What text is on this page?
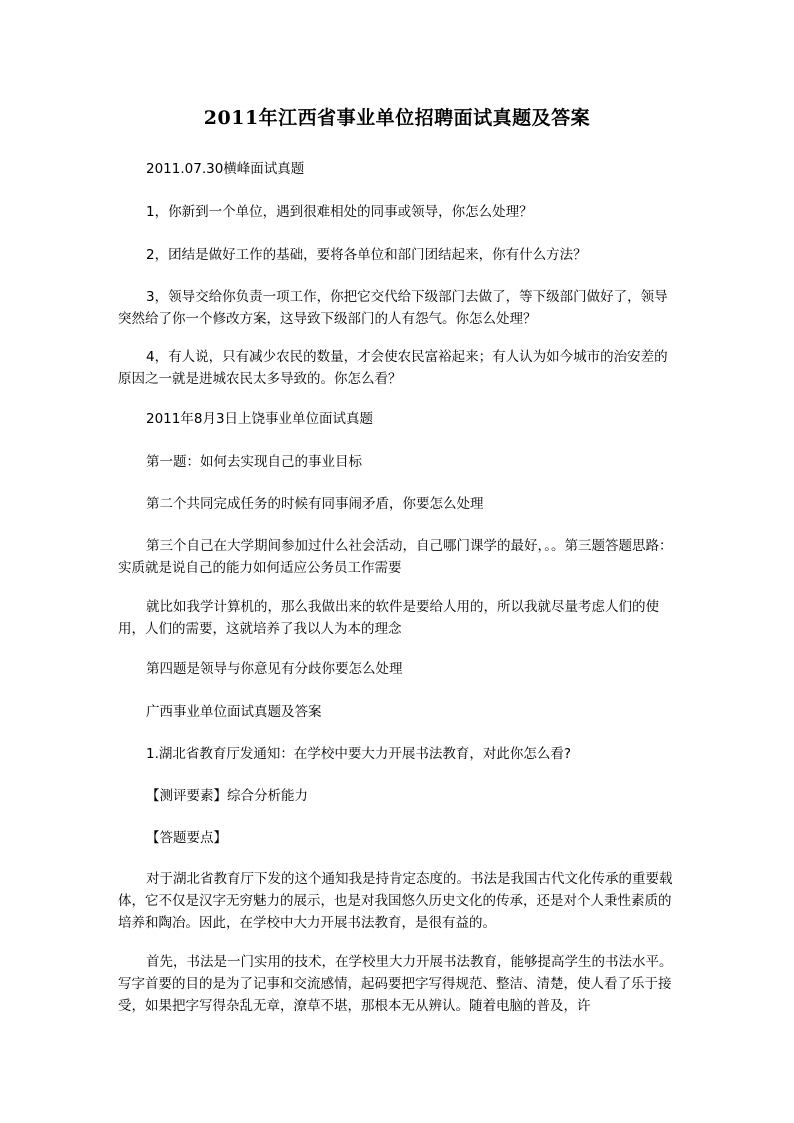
2011年江西省事业单位招聘面试真题及答案

2011.07.30横峰面试真题

1，你新到一个单位，遇到很难相处的同事或领导，你怎么处理？

2，团结是做好工作的基础，要将各单位和部门团结起来，你有什么方法？

3，领导交给你负责一项工作，你把它交代给下级部门去做了，等下级部门做好了，领导突然给了你一个修改方案，这导致下级部门的人有怨气。你怎么处理？

4，有人说，只有减少农民的数量，才会使农民富裕起来；有人认为如今城市的治安差的原因之一就是进城农民太多导致的。你怎么看？

2011年8月3日上饶事业单位面试真题

第一题：如何去实现自己的事业目标

第二个共同完成任务的时候有同事闹矛盾，你要怎么处理

第三个自己在大学期间参加过什么社会活动，自己哪门课学的最好，。。第三题答题思路：实质就是说自己的能力如何适应公务员工作需要

就比如我学计算机的，那么我做出来的软件是要给人用的，所以我就尽量考虑人们的使用，人们的需要，这就培养了我以人为本的理念

第四题是领导与你意见有分歧你要怎么处理

广西事业单位面试真题及答案

1.湖北省教育厅发通知：在学校中要大力开展书法教育，对此你怎么看?

【测评要素】综合分析能力

【答题要点】

对于湖北省教育厅下发的这个通知我是持肯定态度的。书法是我国古代文化传承的重要载体，它不仅是汉字无穷魅力的展示，也是对我国悠久历史文化的传承，还是对个人秉性素质的培养和陶冶。因此，在学校中大力开展书法教育，是很有益的。

首先，书法是一门实用的技术，在学校里大力开展书法教育，能够提高学生的书法水平。写字首要的目的是为了记事和交流感情，起码要把字写得规范、整洁、清楚，使人看了乐于接受，如果把字写得杂乱无章，潦草不堪，那根本无从辨认。随着电脑的普及，许
